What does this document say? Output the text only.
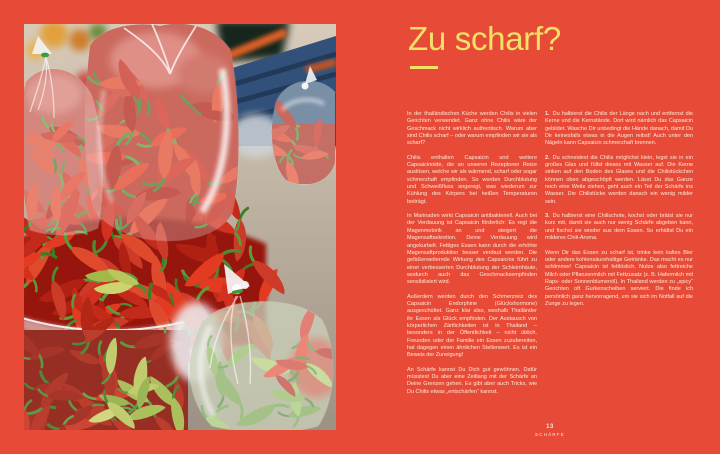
Zu scharf?

In der thailändischen Küche werden Chilis in vielen Gerichten verwendet. Ganz ohne Chilis wäre der Geschmack nicht wirklich authentisch. Warum aber sind Chilis scharf – oder warum empfinden wir sie als scharf?

Chilis enthalten Capsaicin und weitere Capsaicinoide, die an unseren Rezeptoren Reize auslösen, welche wir als wärmend, scharf oder sogar schmerzhaft empfinden. So werden Durchblutung und Schweißfluss angeregt, was wiederum zur Kühlung des Körpers bei heißen Temperaturen beiträgt.

In Marinaden wirkt Capsaicin antibakteriell. Auch bei der Verdauung ist Capsaicin förderlich: Es regt die Magenmotorik an und steigert die Magensaftsekretion. Deine Verdauung wird angekurbelt. Fettiges Essen kann durch die erhöhte Magensaftproduktion besser verdaut werden. Die gefäßerweiternde Wirkung des Capsaicins führt zu einer verbesserten Durchblutung der Schleimhäute, wodurch auch das Geschmacksempfinden sensibilisiert wird.

Außerdem werden durch den Schmerzreiz des Capsaicin Endorphine (Glückshormone) ausgeschüttet. Ganz klar also, weshalb Thailänder ihr Essen als Glück empfinden. Der Austausch von körperlichen Zärtlichkeiten ist in Thailand – besonders in der Öffentlichkeit – nicht üblich. Freunden oder der Familie ein Essen zuzubereiten, hat dagegen einen ähnlichen Stellenwert. Es ist ein Beweis der Zuneigung!

An Schärfe kannst Du Dich gut gewöhnen. Dafür müsstest Du aber eine Zeitlang mit der Schärfe an Deine Grenzen gehen. Es gibt aber auch Tricks, wie Du Chilis etwas „entschärfen“ kannst.

1. Du halbierst die Chilis der Länge nach und entfernst die Kerne und die Kernstände. Dort wird nämlich das Capsaicin gebildet. Wasche Dir unbedingt die Hände danach, damit Du Dir keinesfalls etwas in die Augen reibst! Auch unter den Nägeln kann Capsaicin schmerzhaft brennen.

2. Du schneidest die Chilis möglichst klein, legst sie in ein großes Glas und füllst dieses mit Wasser auf. Die Kerne sinken auf den Boden des Glases und die Chilistückchen können oben abgeschöpft werden. Lässt Du das Ganze noch eine Weile ziehen, geht auch ein Teil der Schärfe ins Wasser. Die Chilistücke werden danach ein wenig milder sein.

3. Du halbierst eine Chilischote, kochst oder brätst sie nur kurz mit, damit sie auch nur wenig Schärfe abgeben kann, und fischst sie wieder aus dem Essen. So erhältst Du ein milderes Chili-Aroma.

Wenn Dir das Essen zu scharf ist, trinke kein kaltes Bier oder andere kohlensäurehaltige Getränke. Das macht es nur schlimmer! Capsaicin ist fettlöslich. Nutze also fettreiche Milch oder Pflanzenmilch mit Fettzusatz (z. B. Hafermilch mit Raps- oder Sonnenblumenöl). In Thailand werden zu „spicy“ Gerichten oft Gurkenscheiben serviert. Die finde ich persönlich ganz hervorragend, um sie sich im Notfall auf die Zunge zu legen.

13
SCHÄRFE
